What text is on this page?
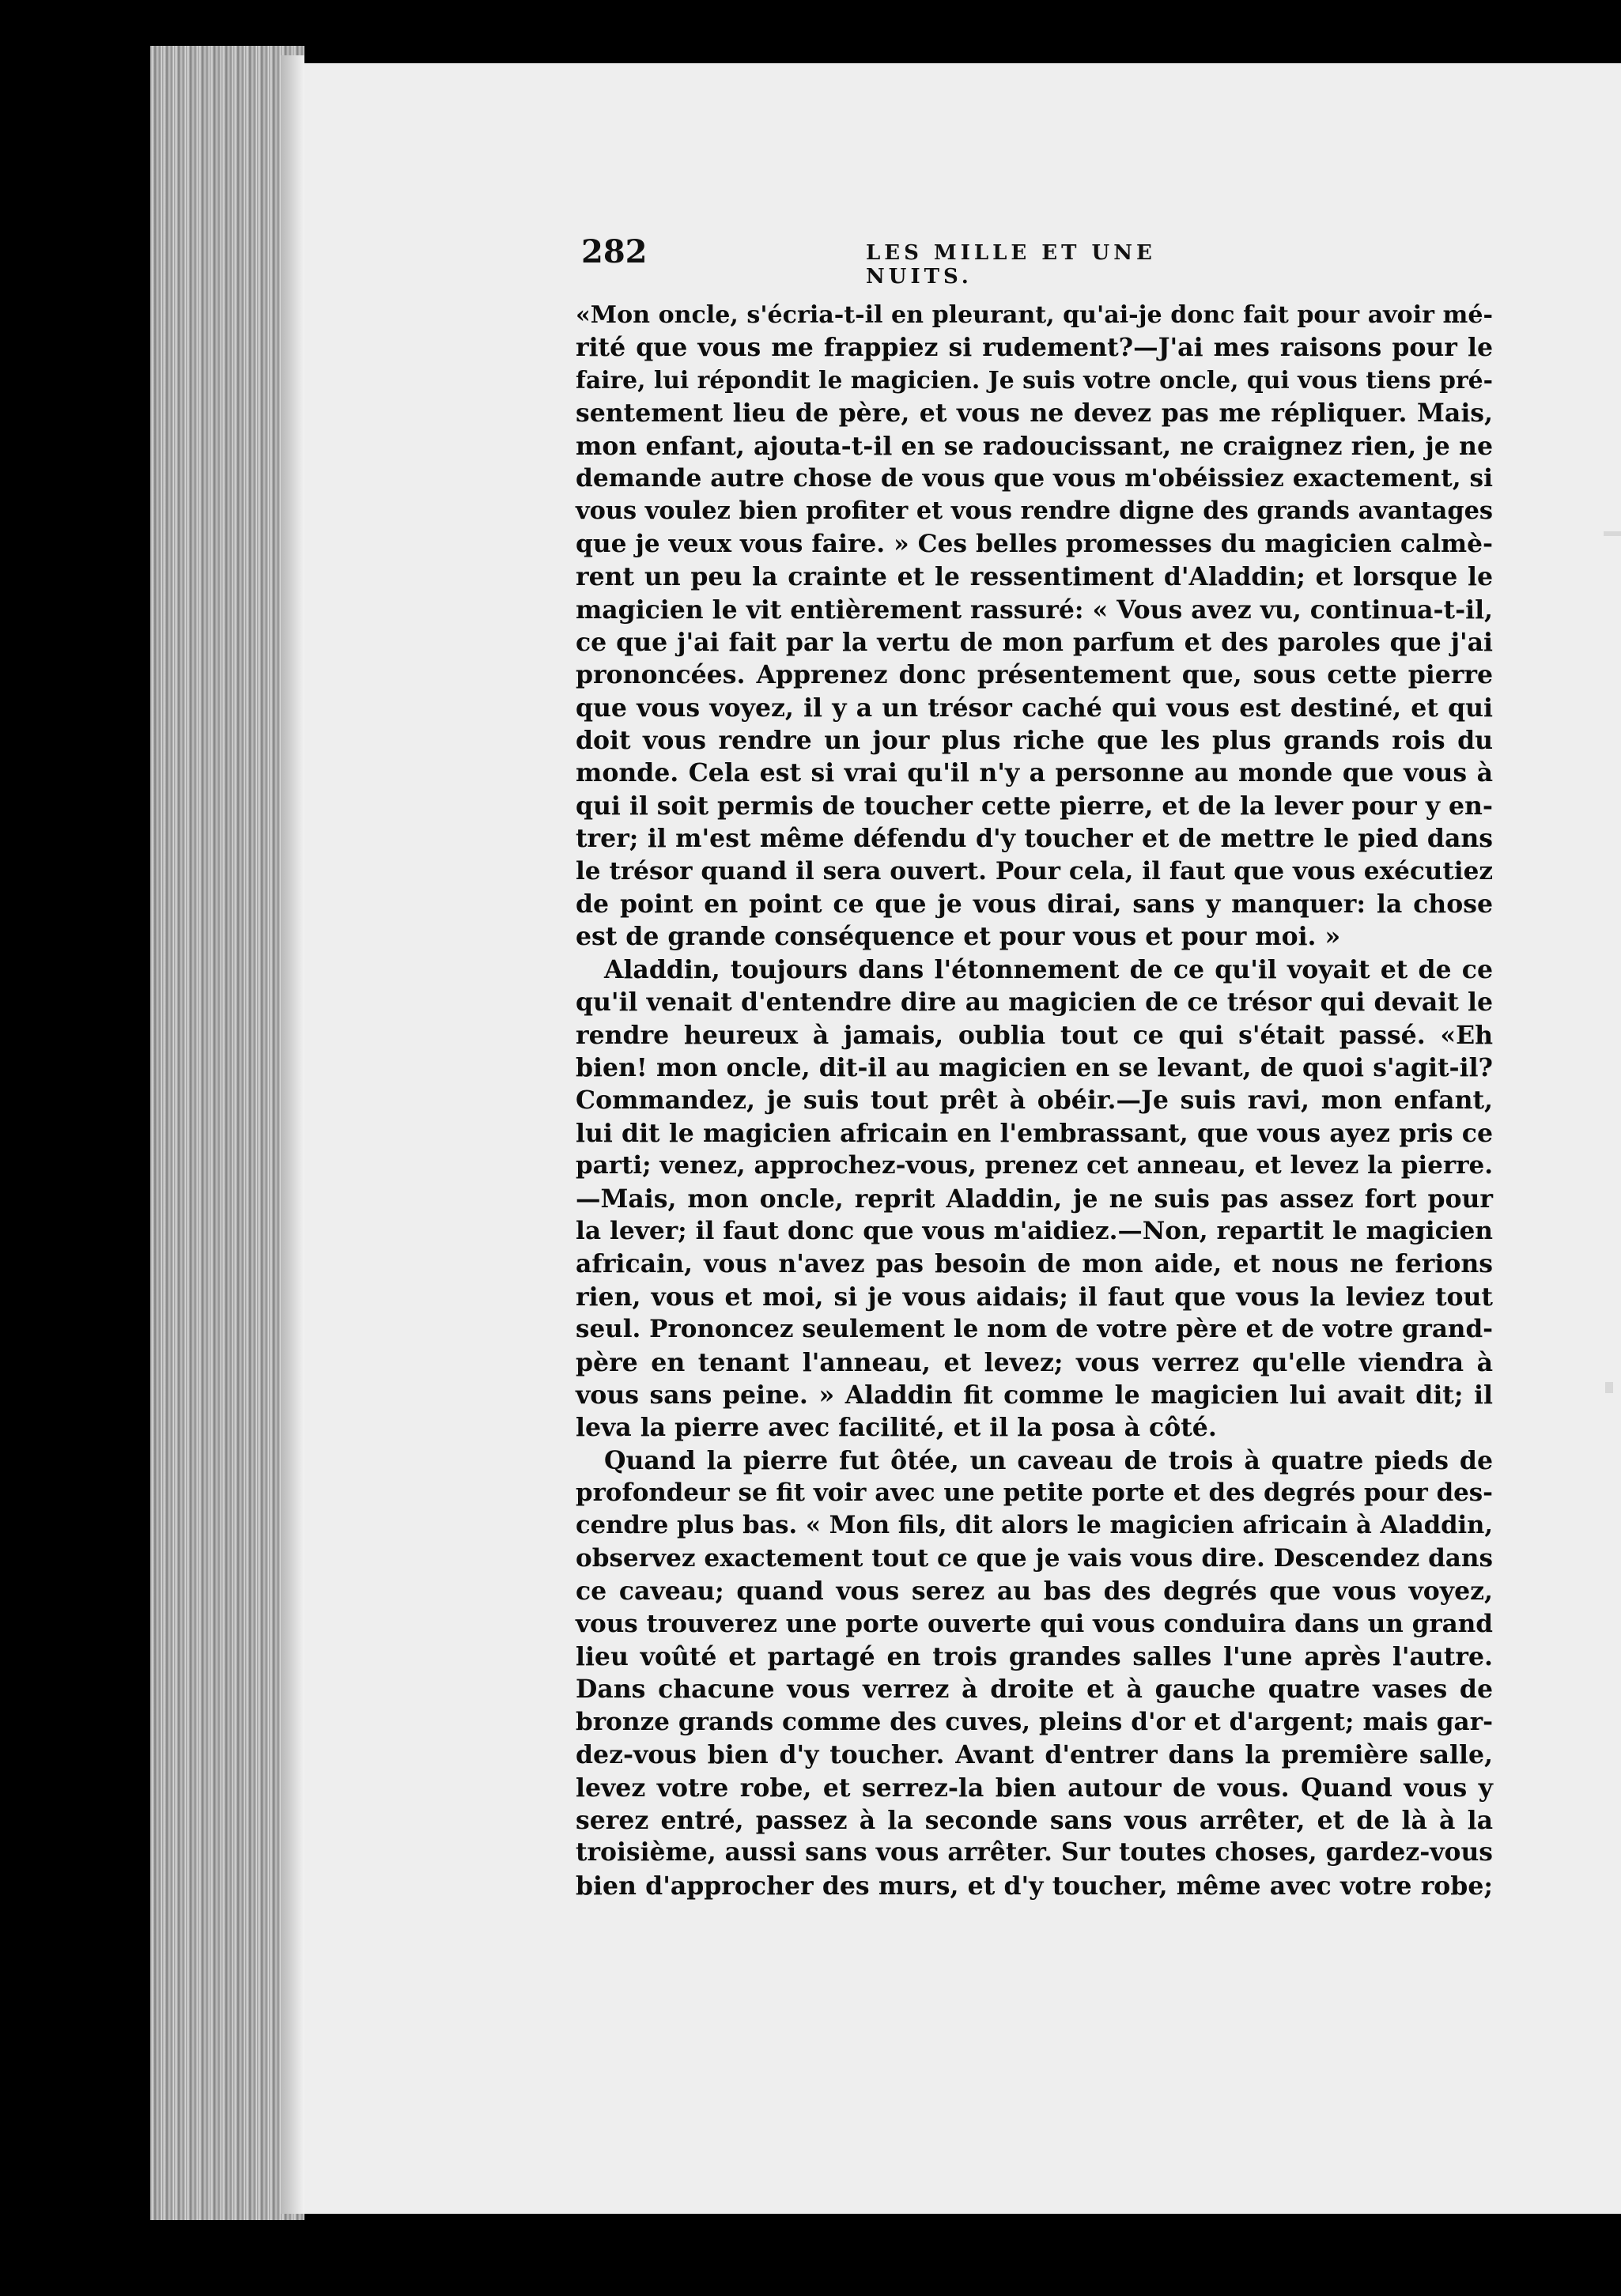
282	LES MILLE ET UNE NUITS.
«Mon oncle, s'écria-t-il en pleurant, qu'ai-je donc fait pour avoir mé-
rité que vous me frappiez si rudement?—J'ai mes raisons pour le
faire, lui répondit le magicien. Je suis votre oncle, qui vous tiens pré-
sentement lieu de père, et vous ne devez pas me répliquer. Mais,
mon enfant, ajouta-t-il en se radoucissant, ne craignez rien, je ne
demande autre chose de vous que vous m'obéissiez exactement, si
vous voulez bien profiter et vous rendre digne des grands avantages
que je veux vous faire. » Ces belles promesses du magicien calmè-
rent un peu la crainte et le ressentiment d'Aladdin; et lorsque le
magicien le vit entièrement rassuré: « Vous avez vu, continua-t-il,
ce que j'ai fait par la vertu de mon parfum et des paroles que j'ai
prononcées. Apprenez donc présentement que, sous cette pierre
que vous voyez, il y a un trésor caché qui vous est destiné, et qui
doit vous rendre un jour plus riche que les plus grands rois du
monde. Cela est si vrai qu'il n'y a personne au monde que vous à
qui il soit permis de toucher cette pierre, et de la lever pour y en-
trer; il m'est même défendu d'y toucher et de mettre le pied dans
le trésor quand il sera ouvert. Pour cela, il faut que vous exécutiez
de point en point ce que je vous dirai, sans y manquer: la chose
est de grande conséquence et pour vous et pour moi. »
Aladdin, toujours dans l'étonnement de ce qu'il voyait et de ce
qu'il venait d'entendre dire au magicien de ce trésor qui devait le
rendre heureux à jamais, oublia tout ce qui s'était passé. «Eh
bien! mon oncle, dit-il au magicien en se levant, de quoi s'agit-il?
Commandez, je suis tout prêt à obéir.—Je suis ravi, mon enfant,
lui dit le magicien africain en l'embrassant, que vous ayez pris ce
parti; venez, approchez-vous, prenez cet anneau, et levez la pierre.
—Mais, mon oncle, reprit Aladdin, je ne suis pas assez fort pour
la lever; il faut donc que vous m'aidiez.—Non, repartit le magicien
africain, vous n'avez pas besoin de mon aide, et nous ne ferions
rien, vous et moi, si je vous aidais; il faut que vous la leviez tout
seul. Prononcez seulement le nom de votre père et de votre grand-
père en tenant l'anneau, et levez; vous verrez qu'elle viendra à
vous sans peine. » Aladdin fit comme le magicien lui avait dit; il
leva la pierre avec facilité, et il la posa à côté.
Quand la pierre fut ôtée, un caveau de trois à quatre pieds de
profondeur se fit voir avec une petite porte et des degrés pour des-
cendre plus bas. « Mon fils, dit alors le magicien africain à Aladdin,
observez exactement tout ce que je vais vous dire. Descendez dans
ce caveau; quand vous serez au bas des degrés que vous voyez,
vous trouverez une porte ouverte qui vous conduira dans un grand
lieu voûté et partagé en trois grandes salles l'une après l'autre.
Dans chacune vous verrez à droite et à gauche quatre vases de
bronze grands comme des cuves, pleins d'or et d'argent; mais gar-
dez-vous bien d'y toucher. Avant d'entrer dans la première salle,
levez votre robe, et serrez-la bien autour de vous. Quand vous y
serez entré, passez à la seconde sans vous arrêter, et de là à la
troisième, aussi sans vous arrêter. Sur toutes choses, gardez-vous
bien d'approcher des murs, et d'y toucher, même avec votre robe;
